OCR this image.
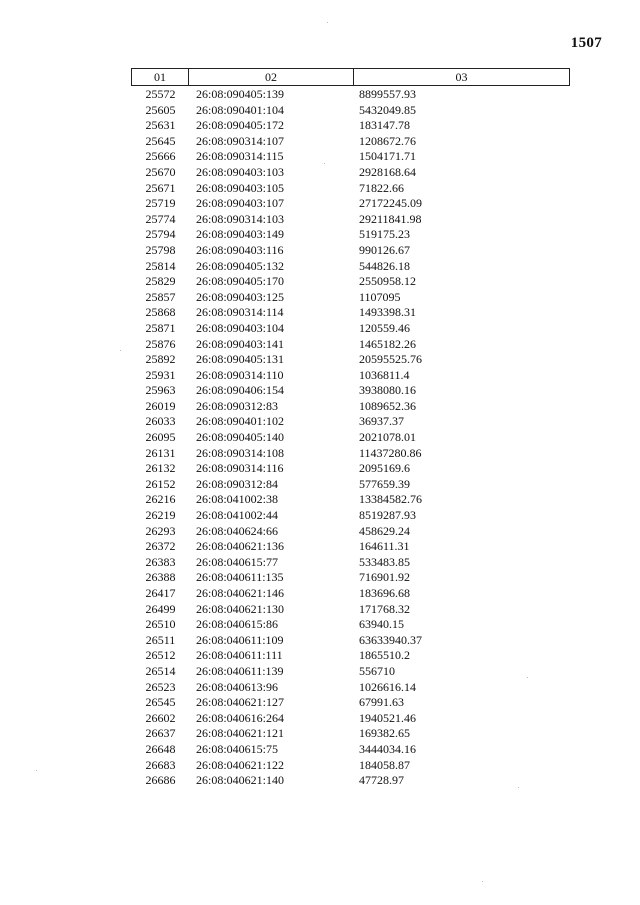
1507
01	02	03
25572	26:08:090405:139	8899557.93
25605	26:08:090401:104	5432049.85
25631	26:08:090405:172	183147.78
25645	26:08:090314:107	1208672.76
25666	26:08:090314:115	1504171.71
25670	26:08:090403:103	2928168.64
25671	26:08:090403:105	71822.66
25719	26:08:090403:107	27172245.09
25774	26:08:090314:103	29211841.98
25794	26:08:090403:149	519175.23
25798	26:08:090403:116	990126.67
25814	26:08:090405:132	544826.18
25829	26:08:090405:170	2550958.12
25857	26:08:090403:125	1107095
25868	26:08:090314:114	1493398.31
25871	26:08:090403:104	120559.46
25876	26:08:090403:141	1465182.26
25892	26:08:090405:131	20595525.76
25931	26:08:090314:110	1036811.4
25963	26:08:090406:154	3938080.16
26019	26:08:090312:83	1089652.36
26033	26:08:090401:102	36937.37
26095	26:08:090405:140	2021078.01
26131	26:08:090314:108	11437280.86
26132	26:08:090314:116	2095169.6
26152	26:08:090312:84	577659.39
26216	26:08:041002:38	13384582.76
26219	26:08:041002:44	8519287.93
26293	26:08:040624:66	458629.24
26372	26:08:040621:136	164611.31
26383	26:08:040615:77	533483.85
26388	26:08:040611:135	716901.92
26417	26:08:040621:146	183696.68
26499	26:08:040621:130	171768.32
26510	26:08:040615:86	63940.15
26511	26:08:040611:109	63633940.37
26512	26:08:040611:111	1865510.2
26514	26:08:040611:139	556710
26523	26:08:040613:96	1026616.14
26545	26:08:040621:127	67991.63
26602	26:08:040616:264	1940521.46
26637	26:08:040621:121	169382.65
26648	26:08:040615:75	3444034.16
26683	26:08:040621:122	184058.87
26686	26:08:040621:140	47728.97
